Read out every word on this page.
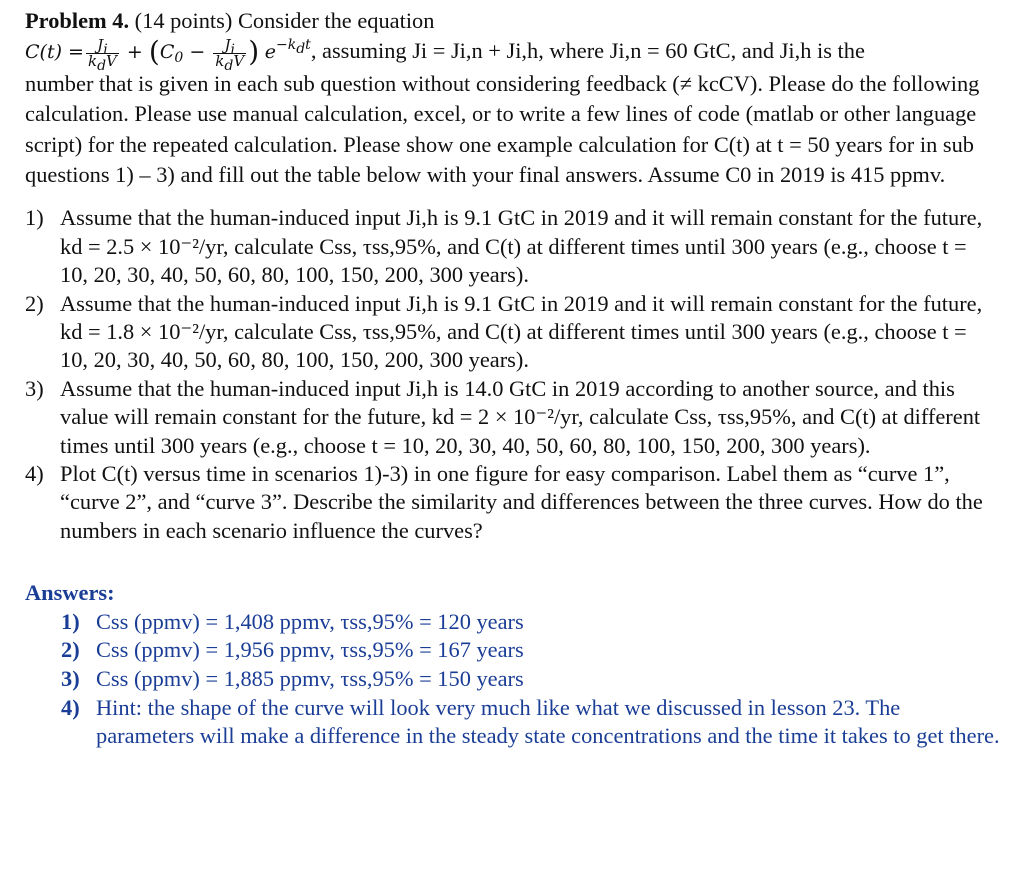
Problem 4. (14 points) Consider the equation
$C(t) = \frac{J_i}{k_dV} + (C_0 - \frac{J_i}{k_dV}$ ) $e^{-k_dt}$, assuming Ji = Ji,n + Ji,h, where Ji,n = 60 GtC, and Ji,h is the
number that is given in each sub question without considering feedback (≠ kcCV). Please do the following calculation. Please use manual calculation, excel, or to write a few lines of code (matlab or other language script) for the repeated calculation. Please show one example calculation for C(t) at t = 50 years for in sub questions 1) – 3) and fill out the table below with your final answers. Assume C0 in 2019 is 415 ppmv.

1) Assume that the human-induced input Ji,h is 9.1 GtC in 2019 and it will remain constant for the future, kd = 2.5 × 10⁻²/yr, calculate Css, τss,95%, and C(t) at different times until 300 years (e.g., choose t = 10, 20, 30, 40, 50, 60, 80, 100, 150, 200, 300 years).
2) Assume that the human-induced input Ji,h is 9.1 GtC in 2019 and it will remain constant for the future, kd = 1.8 × 10⁻²/yr, calculate Css, τss,95%, and C(t) at different times until 300 years (e.g., choose t = 10, 20, 30, 40, 50, 60, 80, 100, 150, 200, 300 years).
3) Assume that the human-induced input Ji,h is 14.0 GtC in 2019 according to another source, and this value will remain constant for the future, kd = 2 × 10⁻²/yr, calculate Css, τss,95%, and C(t) at different times until 300 years (e.g., choose t = 10, 20, 30, 40, 50, 60, 80, 100, 150, 200, 300 years).
4) Plot C(t) versus time in scenarios 1)-3) in one figure for easy comparison. Label them as “curve 1”, “curve 2”, and “curve 3”. Describe the similarity and differences between the three curves. How do the numbers in each scenario influence the curves?
Answers:
1) Css (ppmv) = 1,408 ppmv, τss,95% = 120 years
2) Css (ppmv) = 1,956 ppmv, τss,95% = 167 years
3) Css (ppmv) = 1,885 ppmv, τss,95% = 150 years
4) Hint: the shape of the curve will look very much like what we discussed in lesson 23. The parameters will make a difference in the steady state concentrations and the time it takes to get there.
